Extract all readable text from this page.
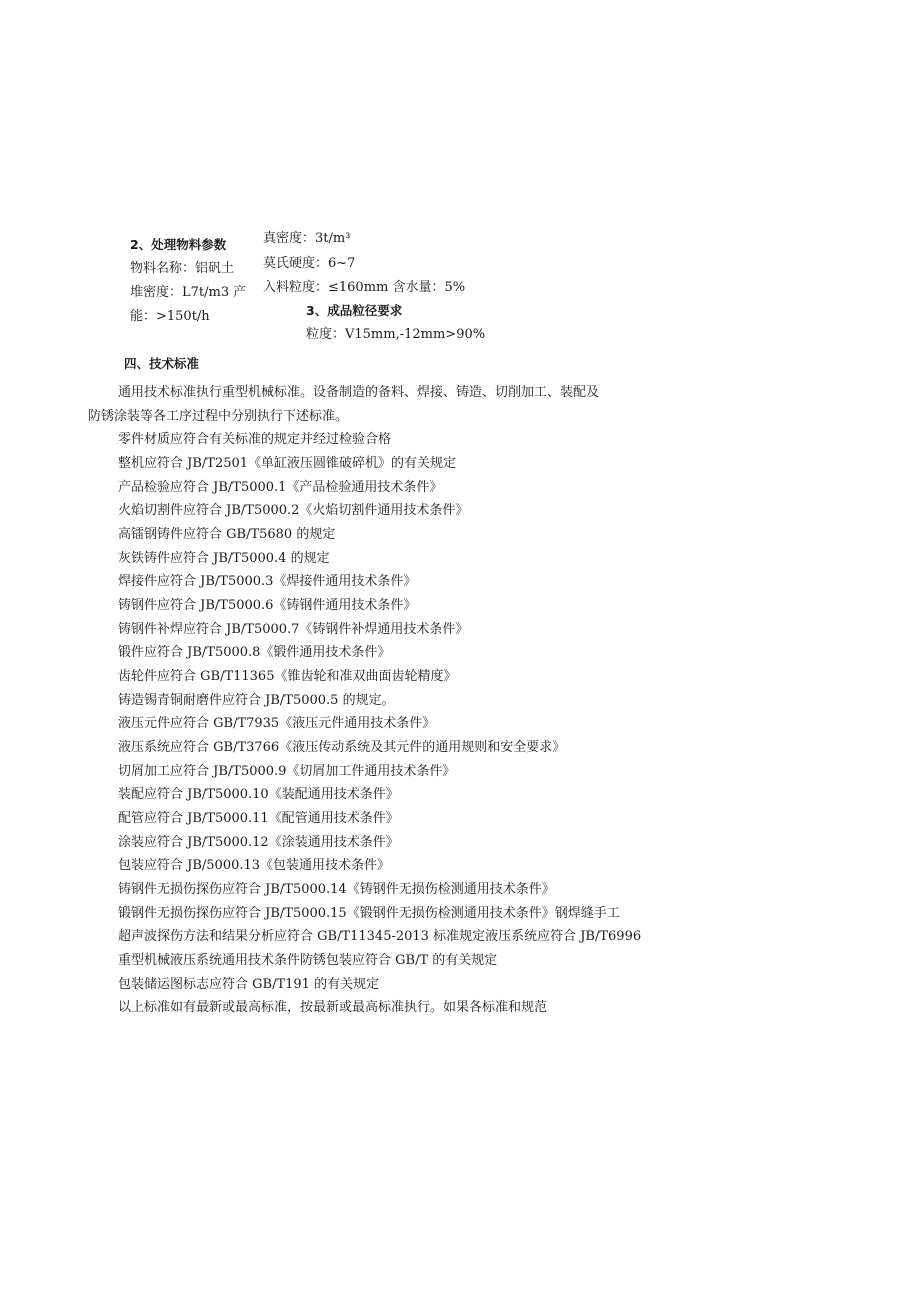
2、处理物料参数
物料名称：铝矾土
堆密度：L7t∕m3 产
能：>150t∕h
真密度：3t∕m³
莫氏硬度：6~7
入料粒度：≤160mm 含水量：5%
3、成品粒径要求
粒度：V15mm,-12mm>90%
四、技术标准
通用技术标准执行重型机械标准。设备制造的备料、焊接、铸造、切削加工、装配及
防锈涂装等各工序过程中分别执行下述标准。
零件材质应符合有关标准的规定并经过检验合格
整机应符合 JB/T2501《单缸液压圆锥破碎机》的有关规定
产品检验应符合 JB/T5000.1《产品检验通用技术条件》
火焰切割件应符合 JB/T5000.2《火焰切割件通用技术条件》
高镭钢铸件应符合 GB/T5680 的规定
灰铁铸件应符合 JB/T5000.4 的规定
焊接件应符合 JB/T5000.3《焊接件通用技术条件》
铸钢件应符合 JB/T5000.6《铸钢件通用技术条件》
铸钢件补焊应符合 JB/T5000.7《铸钢件补焊通用技术条件》
锻件应符合 JB/T5000.8《锻件通用技术条件》
齿轮件应符合 GB/T11365《锥齿轮和准双曲面齿轮精度》
铸造锡青铜耐磨件应符合 JB/T5000.5 的规定。
液压元件应符合 GB/T7935《液压元件通用技术条件》
液压系统应符合 GB/T3766《液压传动系统及其元件的通用规则和安全要求》
切屑加工应符合 JB/T5000.9《切屑加工件通用技术条件》
装配应符合 JB/T5000.10《装配通用技术条件》
配管应符合 JB/T5000.11《配管通用技术条件》
涂装应符合 JB/T5000.12《涂装通用技术条件》
包装应符合 JB/5000.13《包装通用技术条件》
铸钢件无损伤探伤应符合 JB/T5000.14《铸钢件无损伤检测通用技术条件》
锻钢件无损伤探伤应符合 JB/T5000.15《锻钢件无损伤检测通用技术条件》钢焊缝手工
超声波探伤方法和结果分析应符合 GB/T11345-2013 标准规定液压系统应符合 JB/T6996
重型机械液压系统通用技术条件防锈包装应符合 GB/T 的有关规定
包装储运图标志应符合 GB/T191 的有关规定
以上标准如有最新或最高标准，按最新或最高标准执行。如果各标准和规范
